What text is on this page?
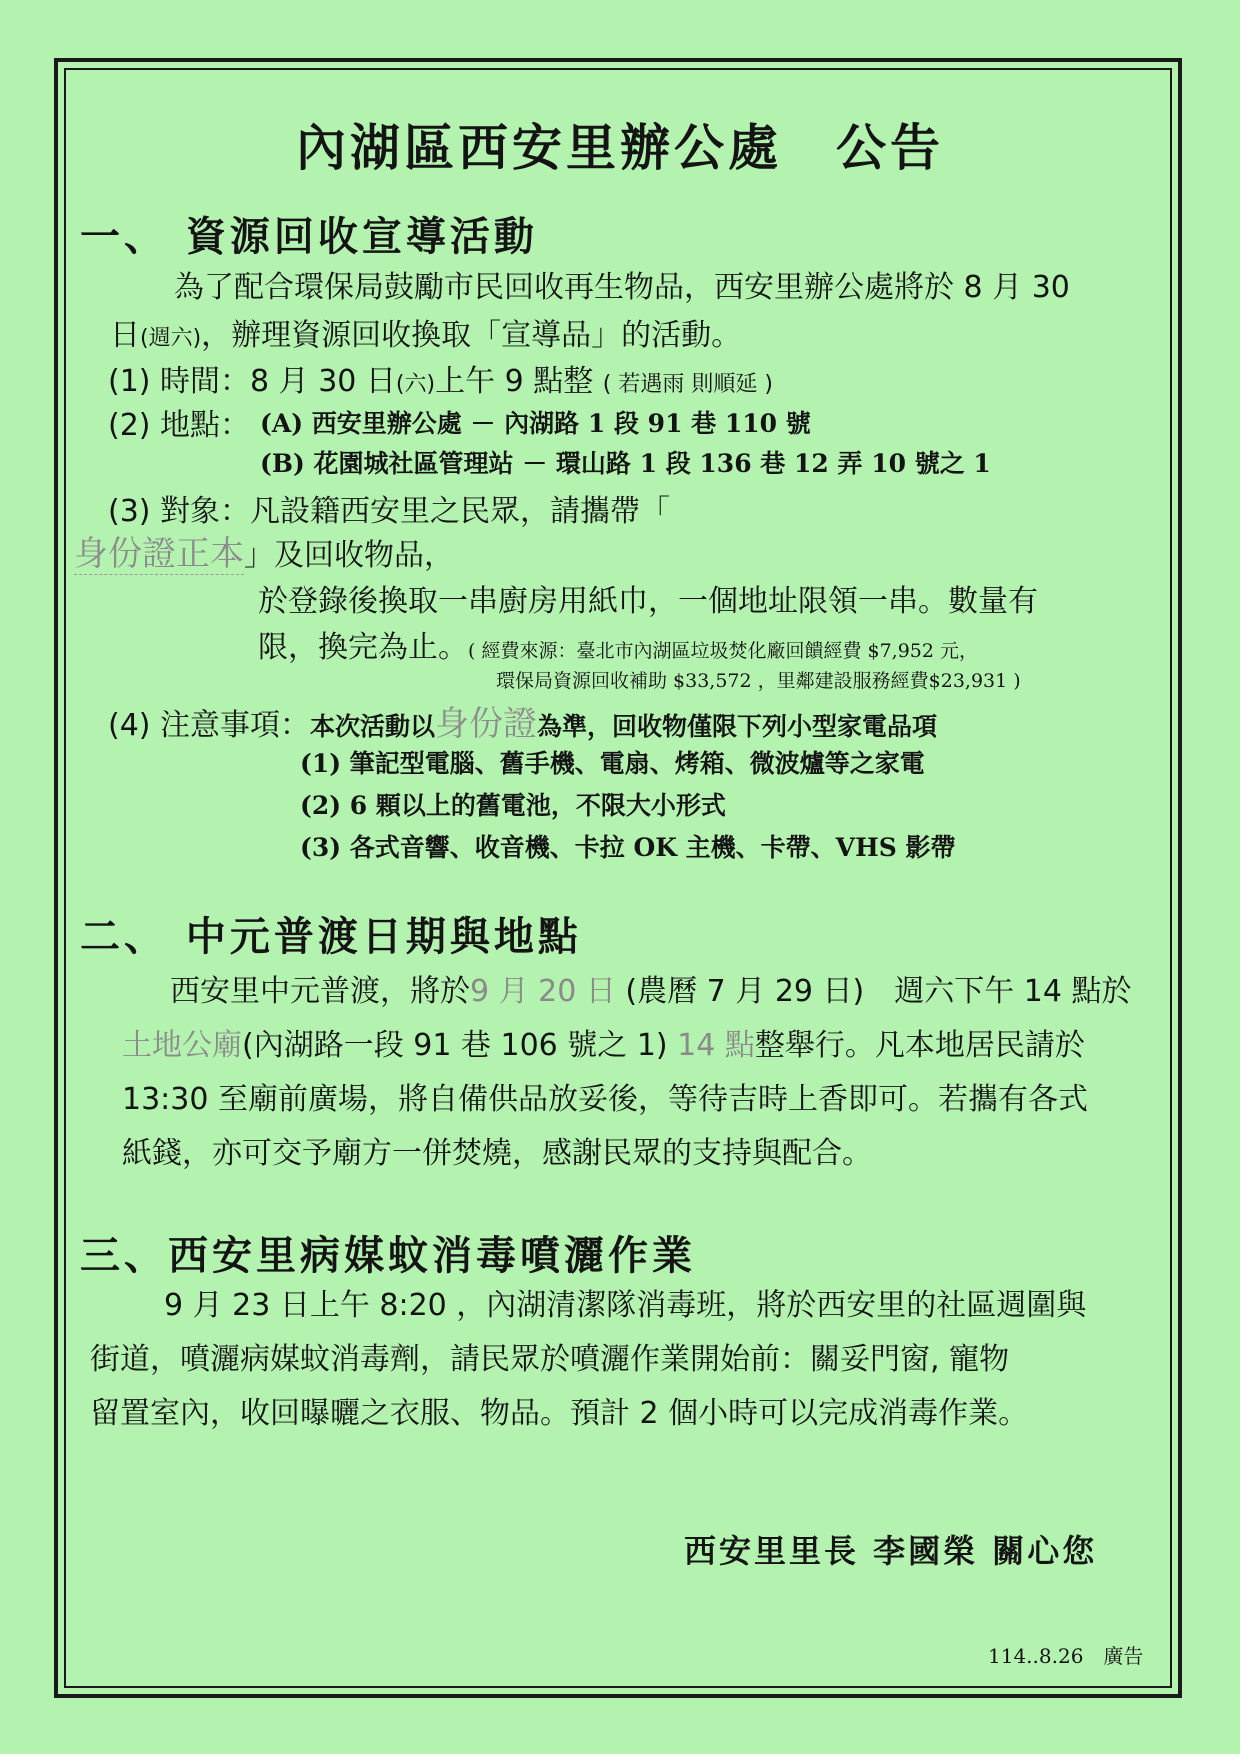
內湖區西安里辦公處　公告
一、 資源回收宣導活動
為了配合環保局鼓勵市民回收再生物品，西安里辦公處將於 8 月 30
日(週六)，辦理資源回收換取「宣導品」的活動。
(1) 時間：8 月 30 日(六)上午 9 點整 ( 若遇雨 則順延 )
(2) 地點： (A) 西安里辦公處 － 內湖路 1 段 91 巷 110 號
(B) 花園城社區管理站 － 環山路 1 段 136 巷 12 弄 10 號之 1
(3) 對象：凡設籍西安里之民眾，請攜帶「
身份證正本」及回收物品，
於登錄後換取一串廚房用紙巾，一個地址限領一串。數量有
限，換完為止。( 經費來源：臺北市內湖區垃圾焚化廠回饋經費 $7,952 元，
環保局資源回收補助 $33,572 ，里鄰建設服務經費$23,931 )
(4) 注意事項：本次活動以身份證為準，回收物僅限下列小型家電品項
(1) 筆記型電腦、舊手機、電扇、烤箱、微波爐等之家電
(2) 6 顆以上的舊電池，不限大小形式
(3) 各式音響、收音機、卡拉 OK 主機、卡帶、VHS 影帶
二、 中元普渡日期與地點
西安里中元普渡，將於9 月 20 日 (農曆 7 月 29 日)　週六下午 14 點於
土地公廟(內湖路一段 91 巷 106 號之 1) 14 點整舉行。凡本地居民請於
13:30 至廟前廣場，將自備供品放妥後，等待吉時上香即可。若攜有各式
紙錢，亦可交予廟方一併焚燒，感謝民眾的支持與配合。
三、西安里病媒蚊消毒噴灑作業
9 月 23 日上午 8:20 ，內湖清潔隊消毒班，將於西安里的社區週圍與
街道，噴灑病媒蚊消毒劑，請民眾於噴灑作業開始前：關妥門窗, 寵物
留置室內，收回曝曬之衣服、物品。預計 2 個小時可以完成消毒作業。
西安里里長 李國榮 關心您
114..8.26　廣告
